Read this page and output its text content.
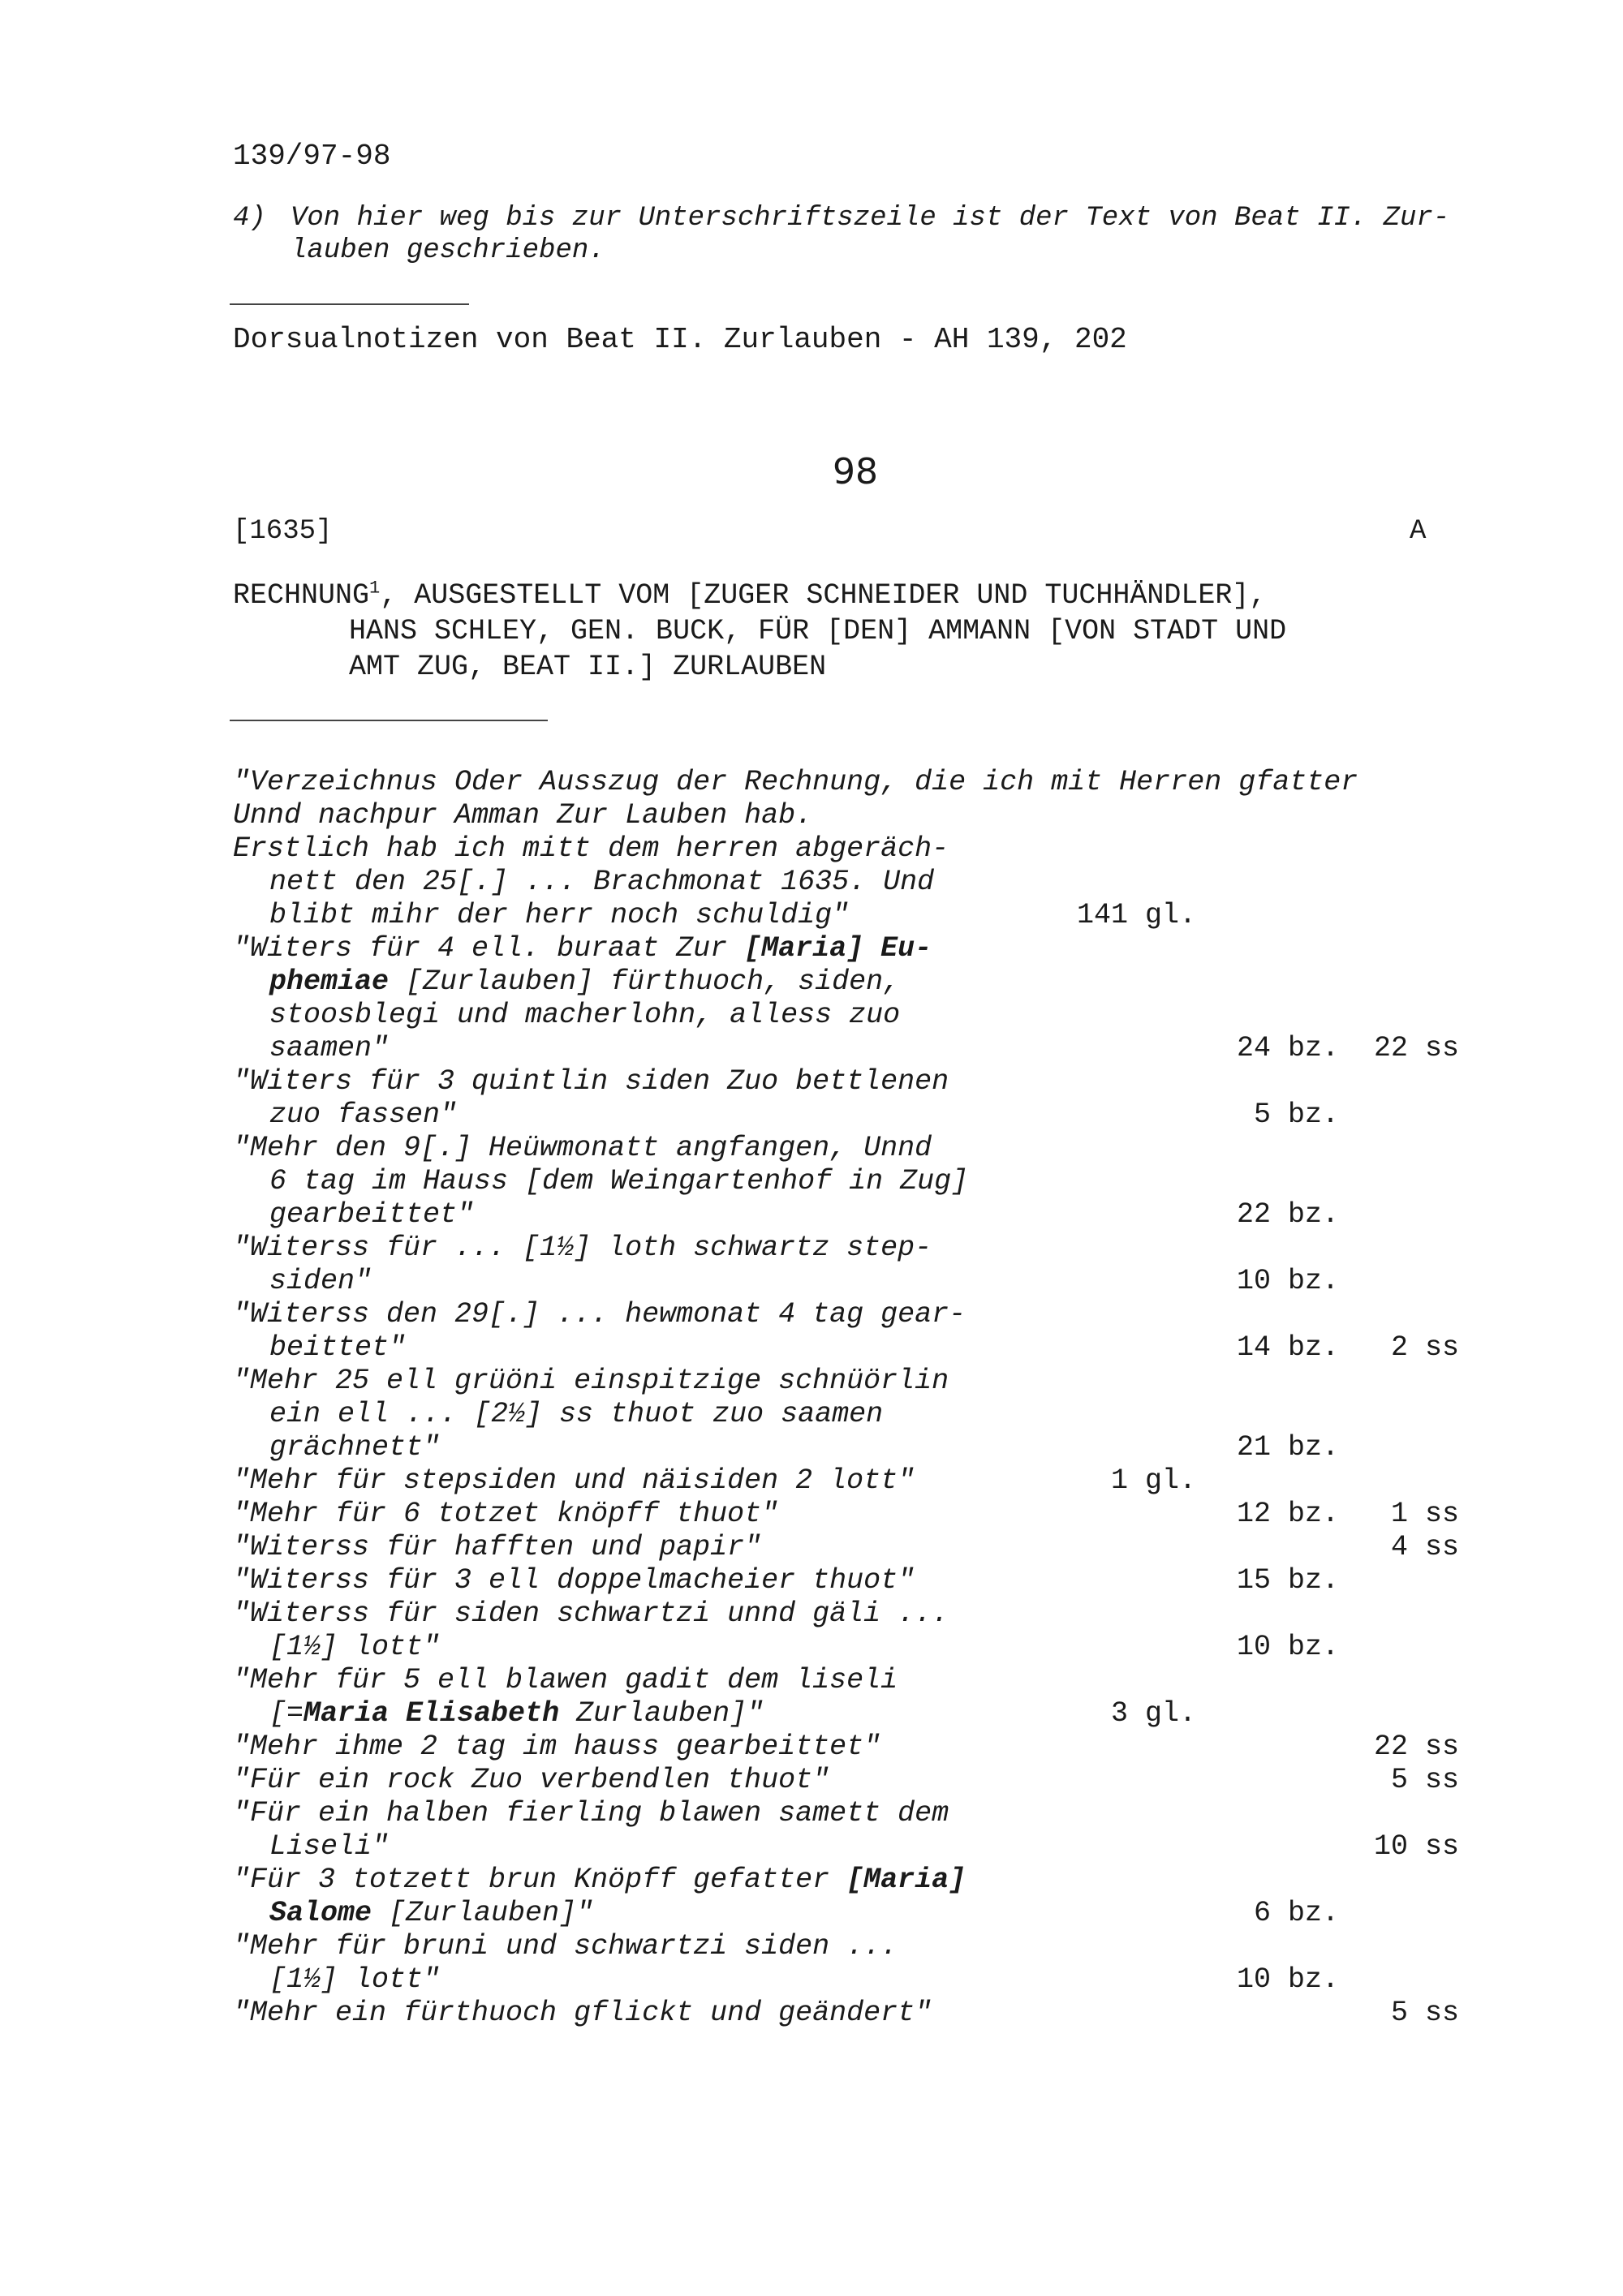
139/97-98
4) Von hier weg bis zur Unterschriftszeile ist der Text von Beat II. Zur-
lauben geschrieben.
Dorsualnotizen von Beat II. Zurlauben - AH 139, 202
98
[1635]	A
RECHNUNG$^1$, AUSGESTELLT VOM [ZUGER SCHNEIDER UND TUCHHÄNDLER],
HANS SCHLEY, GEN. BUCK, FÜR [DEN] AMMANN [VON STADT UND
AMT ZUG, BEAT II.] ZURLAUBEN
"Verzeichnus Oder Ausszug der Rechnung, die ich mit Herren gfatter
Unnd nachpur Amman Zur Lauben hab.
Erstlich hab ich mitt dem herren abgeräch-
nett den 25[.] ... Brachmonat 1635. Und
blibt mihr der herr noch schuldig"	141 gl.
"Witers für 4 ell. buraat Zur [Maria] Eu-
phemiae [Zurlauben] fürthuoch, siden,
stoosblegi und macherlohn, alless zuo
saamen"	24 bz. 22 ss
"Witers für 3 quintlin siden Zuo bettlenen
zuo fassen"	5 bz.
"Mehr den 9[.] Heüwmonatt angfangen, Unnd
6 tag im Hauss [dem Weingartenhof in Zug]
gearbeittet"	22 bz.
"Witerss für ... [1½] loth schwartz step-
siden"	10 bz.
"Witerss den 29[.] ... hewmonat 4 tag gear-
beittet"	14 bz. 2 ss
"Mehr 25 ell grüöni einspitzige schnüörlin
ein ell ... [2½] ss thuot zuo saamen
grächnett"	21 bz.
"Mehr für stepsiden und näisiden 2 lott"	1 gl.
"Mehr für 6 totzet knöpff thuot"	12 bz. 1 ss
"Witerss für hafften und papir"	4 ss
"Witerss für 3 ell doppelmacheier thuot"	15 bz.
"Witerss für siden schwartzi unnd gäli ...
[1½] lott"	10 bz.
"Mehr für 5 ell blawen gadit dem liseli
[=Maria Elisabeth Zurlauben]"	3 gl.
"Mehr ihme 2 tag im hauss gearbeittet"	22 ss
"Für ein rock Zuo verbendlen thuot"	5 ss
"Für ein halben fierling blawen samett dem
Liseli"	10 ss
"Für 3 totzett brun Knöpff gefatter [Maria]
Salome [Zurlauben]"	6 bz.
"Mehr für bruni und schwartzi siden ...
[1½] lott"	10 bz.
"Mehr ein fürthuoch gflickt und geändert"	5 ss
